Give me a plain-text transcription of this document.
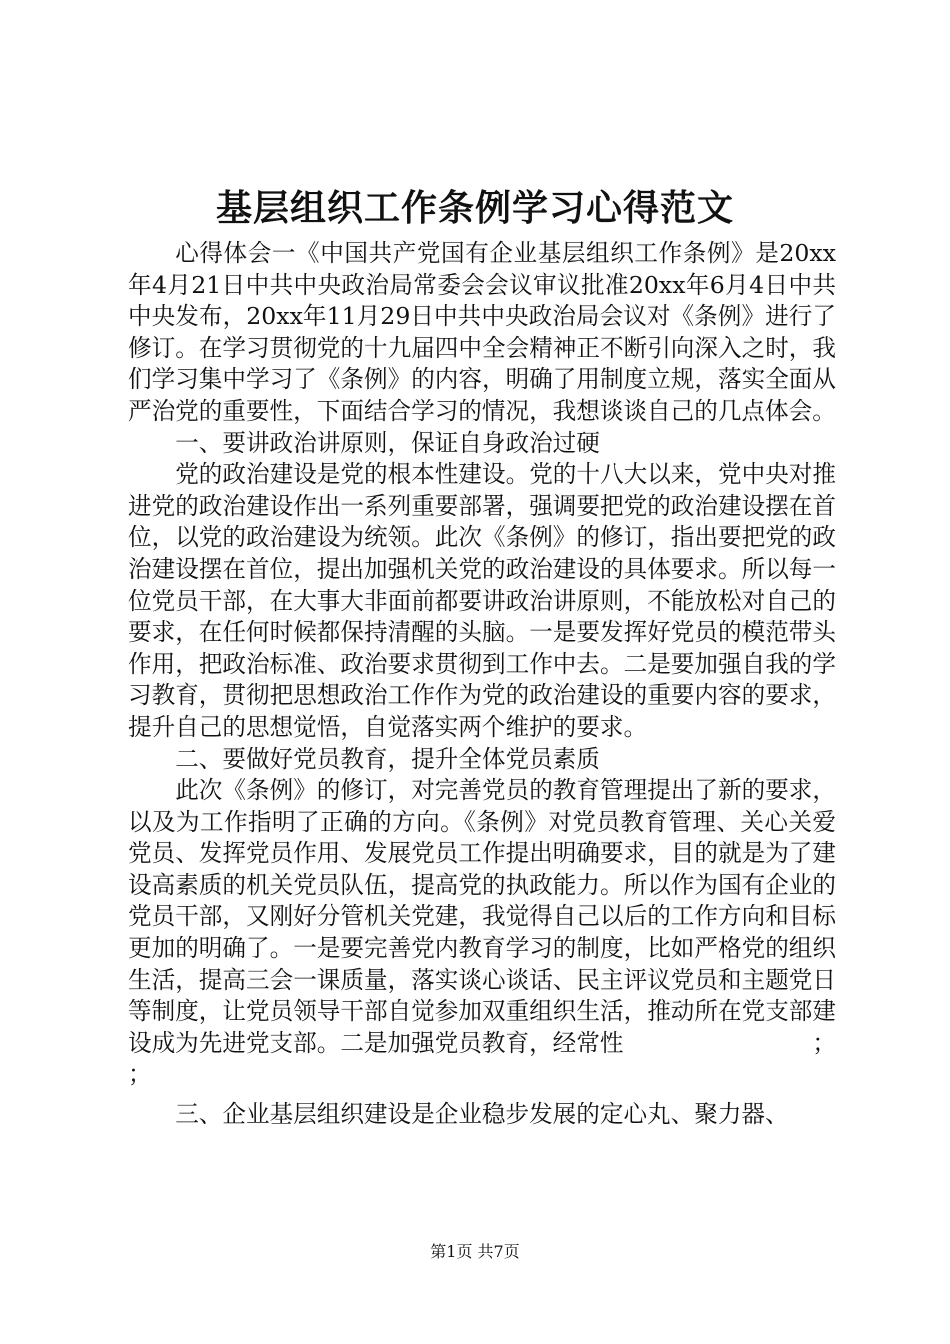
基层组织工作条例学习心得范文

心得体会一《中国共产党国有企业基层组织工作条例》是20xx年4月21日中共中央政治局常委会会议审议批准20xx年6月4日中共中央发布，20xx年11月29日中共中央政治局会议对《条例》进行了修订。在学习贯彻党的十九届四中全会精神正不断引向深入之时，我们学习集中学习了《条例》的内容，明确了用制度立规，落实全面从严治党的重要性，下面结合学习的情况，我想谈谈自己的几点体会。

一、要讲政治讲原则，保证自身政治过硬

党的政治建设是党的根本性建设。党的十八大以来，党中央对推进党的政治建设作出一系列重要部署，强调要把党的政治建设摆在首位，以党的政治建设为统领。此次《条例》的修订，指出要把党的政治建设摆在首位，提出加强机关党的政治建设的具体要求。所以每一位党员干部，在大事大非面前都要讲政治讲原则，不能放松对自己的要求，在任何时候都保持清醒的头脑。一是要发挥好党员的模范带头作用，把政治标准、政治要求贯彻到工作中去。二是要加强自我的学习教育，贯彻把思想政治工作作为党的政治建设的重要内容的要求，提升自己的思想觉悟，自觉落实两个维护的要求。

二、要做好党员教育，提升全体党员素质

此次《条例》的修订，对完善党员的教育管理提出了新的要求，以及为工作指明了正确的方向。《条例》对党员教育管理、关心关爱党员、发挥党员作用、发展党员工作提出明确要求，目的就是为了建设高素质的机关党员队伍，提高党的执政能力。所以作为国有企业的党员干部，又刚好分管机关党建，我觉得自己以后的工作方向和目标更加的明确了。一是要完善党内教育学习的制度，比如严格党的组织生活，提高三会一课质量，落实谈心谈话、民主评议党员和主题党日等制度，让党员领导干部自觉参加双重组织生活，推动所在党支部建设成为先进党支部。二是加强党员教育，经常性	；

；

三、企业基层组织建设是企业稳步发展的定心丸、聚力器、

第1页 共7页
